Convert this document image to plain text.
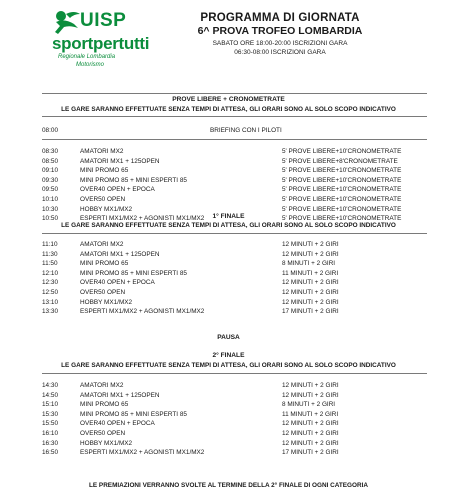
UISP
sportpertutti
Regionale Lombardia
Motorismo
PROGRAMMA DI GIORNATA
6^ PROVA TROFEO LOMBARDIA
SABATO ORE 18:00-20:00 ISCRIZIONI GARA
06:30-08:00 ISCRIZIONI GARA
PROVE LIBERE + CRONOMETRATE
LE GARE SARANNO EFFETTUATE SENZA TEMPI DI ATTESA, GLI ORARI SONO AL SOLO SCOPO INDICATIVO
08:00	BRIEFING CON I PILOTI
08:30	AMATORI MX2	5' PROVE LIBERE+10'CRONOMETRATE
08:50	AMATORI MX1 + 125OPEN	5' PROVE LIBERE+8'CRONOMETRATE
09:10	MINI PROMO 65	5' PROVE LIBERE+10'CRONOMETRATE
09:30	MINI PROMO 85 + MINI ESPERTI 85	5' PROVE LIBERE+10'CRONOMETRATE
09:50	OVER40 OPEN + EPOCA	5' PROVE LIBERE+10'CRONOMETRATE
10:10	OVER50 OPEN	5' PROVE LIBERE+10'CRONOMETRATE
10:30	HOBBY MX1/MX2	5' PROVE LIBERE+10'CRONOMETRATE
10:50	ESPERTI MX1/MX2 + AGONISTI MX1/MX2	5' PROVE LIBERE+10'CRONOMETRATE
1° FINALE
LE GARE SARANNO EFFETTUATE SENZA TEMPI DI ATTESA, GLI ORARI SONO AL SOLO SCOPO INDICATIVO
11:10	AMATORI MX2	12 MINUTI + 2 GIRI
11:30	AMATORI MX1 + 125OPEN	12 MINUTI + 2 GIRI
11:50	MINI PROMO 65	8 MINUTI + 2 GIRI
12:10	MINI PROMO 85 + MINI ESPERTI 85	11 MINUTI + 2 GIRI
12:30	OVER40 OPEN + EPOCA	12 MINUTI + 2 GIRI
12:50	OVER50 OPEN	12 MINUTI + 2 GIRI
13:10	HOBBY MX1/MX2	12 MINUTI + 2 GIRI
13:30	ESPERTI MX1/MX2 + AGONISTI MX1/MX2	17 MINUTI + 2 GIRI
PAUSA
2° FINALE
LE GARE SARANNO EFFETTUATE SENZA TEMPI DI ATTESA, GLI ORARI SONO AL SOLO SCOPO INDICATIVO
14:30	AMATORI MX2	12 MINUTI + 2 GIRI
14:50	AMATORI MX1 + 125OPEN	12 MINUTI + 2 GIRI
15:10	MINI PROMO 65	8 MINUTI + 2 GIRI
15:30	MINI PROMO 85 + MINI ESPERTI 85	11 MINUTI + 2 GIRI
15:50	OVER40 OPEN + EPOCA	12 MINUTI + 2 GIRI
16:10	OVER50 OPEN	12 MINUTI + 2 GIRI
16:30	HOBBY MX1/MX2	12 MINUTI + 2 GIRI
16:50	ESPERTI MX1/MX2 + AGONISTI MX1/MX2	17 MINUTI + 2 GIRI
LE PREMIAZIONI VERRANNO SVOLTE AL TERMINE DELLA 2° FINALE DI OGNI CATEGORIA
